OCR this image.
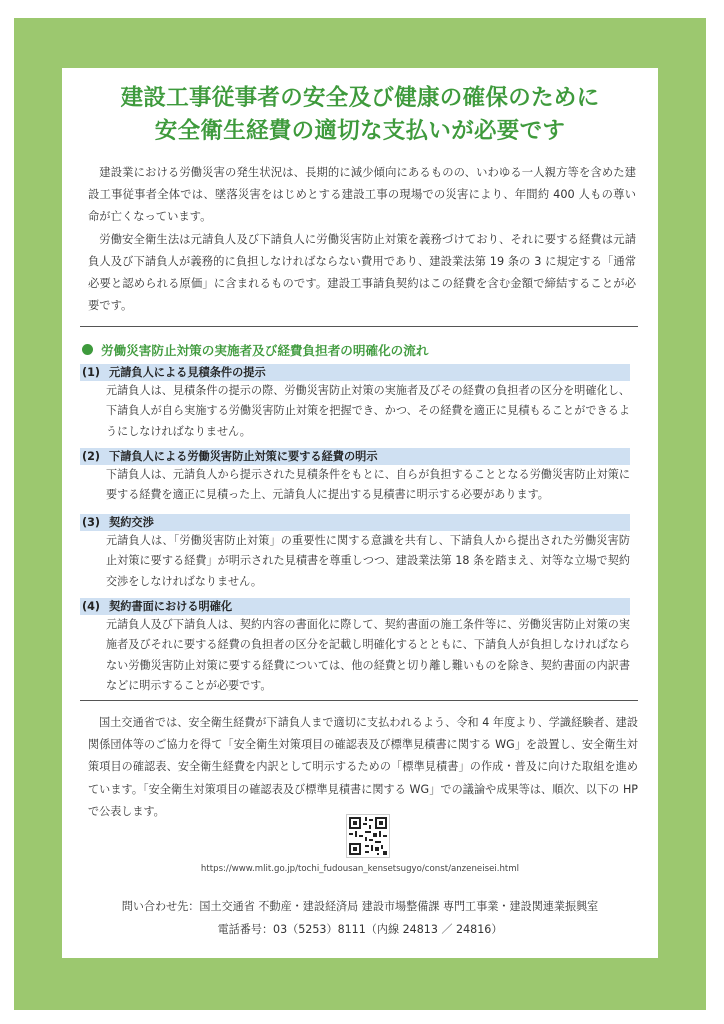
建設工事従事者の安全及び健康の確保のために
安全衛生経費の適切な支払いが必要です

建設業における労働災害の発生状況は、長期的に減少傾向にあるものの、いわゆる一人親方等を含めた建設工事従事者全体では、墜落災害をはじめとする建設工事の現場での災害により、年間約 400 人もの尊い命が亡くなっています。

労働安全衛生法は元請負人及び下請負人に労働災害防止対策を義務づけており、それに要する経費は元請負人及び下請負人が義務的に負担しなければならない費用であり、建設業法第 19 条の 3 に規定する「通常必要と認められる原価」に含まれるものです。建設工事請負契約はこの経費を含む金額で締結することが必要です。

労働災害防止対策の実施者及び経費負担者の明確化の流れ
(1) 元請負人による見積条件の提示
元請負人は、見積条件の提示の際、労働災害防止対策の実施者及びその経費の負担者の区分を明確化し、下請負人が自ら実施する労働災害防止対策を把握でき、かつ、その経費を適正に見積もることができるようにしなければなりません。
(2) 下請負人による労働災害防止対策に要する経費の明示
下請負人は、元請負人から提示された見積条件をもとに、自らが負担することとなる労働災害防止対策に要する経費を適正に見積った上、元請負人に提出する見積書に明示する必要があります。
(3) 契約交渉
元請負人は、「労働災害防止対策」の重要性に関する意識を共有し、下請負人から提出された労働災害防止対策に要する経費」が明示された見積書を尊重しつつ、建設業法第 18 条を踏まえ、対等な立場で契約交渉をしなければなりません。
(4) 契約書面における明確化
元請負人及び下請負人は、契約内容の書面化に際して、契約書面の施工条件等に、労働災害防止対策の実施者及びそれに要する経費の負担者の区分を記載し明確化するとともに、下請負人が負担しなければならない労働災害防止対策に要する経費については、他の経費と切り離し難いものを除き、契約書面の内訳書などに明示することが必要です。

国土交通省では、安全衛生経費が下請負人まで適切に支払われるよう、令和 4 年度より、学識経験者、建設関係団体等のご協力を得て「安全衛生対策項目の確認表及び標準見積書に関する WG」を設置し、安全衛生対策項目の確認表、安全衛生経費を内訳として明示するための「標準見積書」の作成・普及に向けた取組を進めています。「安全衛生対策項目の確認表及び標準見積書に関する WG」での議論や成果等は、順次、以下の HP で公表します。

https://www.mlit.go.jp/tochi_fudousan_kensetsugyo/const/anzeneisei.html
問い合わせ先：国土交通省 不動産・建設経済局 建設市場整備課 専門工事業・建設関連業振興室
電話番号：03（5253）8111（内線 24813 ／ 24816）
